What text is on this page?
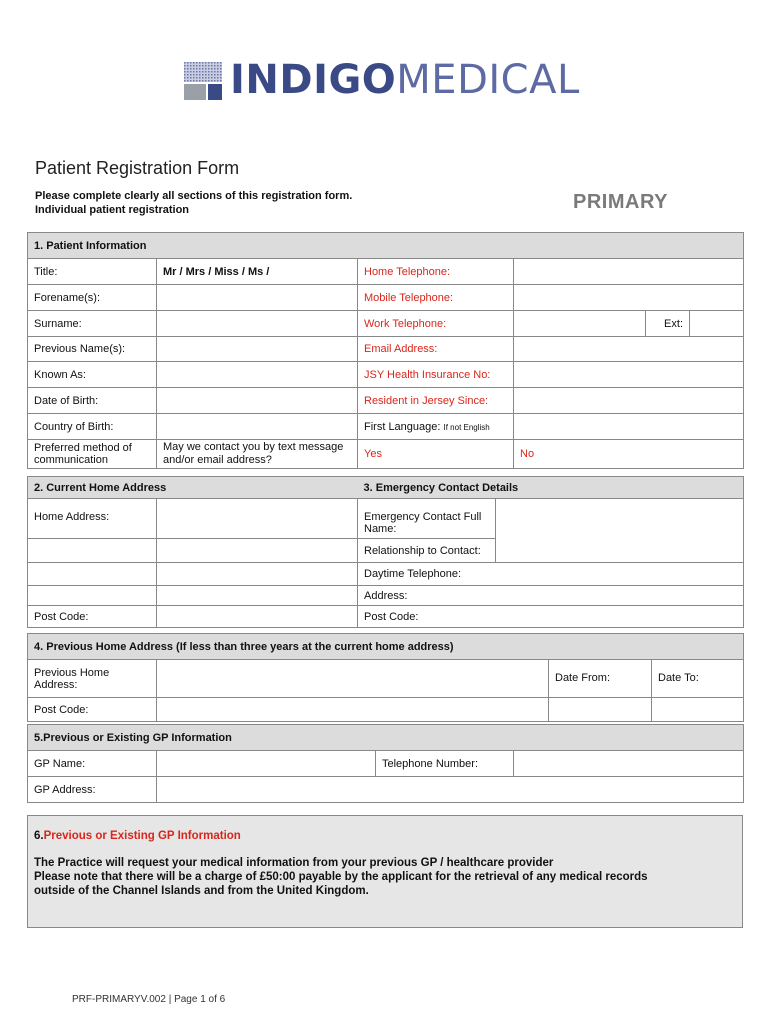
INDIGOMEDICAL
Patient Registration Form
Please complete clearly all sections of this registration form.
Individual patient registration	PRIMARY
1. Patient Information					
Title:	Mr / Mrs / Miss / Ms /	Home Telephone:			
Forename(s):		Mobile Telephone:			
Surname:		Work Telephone:		Ext:	
Previous Name(s):		Email Address:			
Known As:		JSY Health Insurance No:			
Date of Birth:		Resident in Jersey Since:			
Country of Birth:		First Language: If not English			
Preferred method of communication	May we contact you by text message and/or email address?	Yes	No		
2. Current Home Address		3. Emergency Contact Details	
Home Address:		Emergency Contact Full Name:	
		Relationship to Contact:	
		Daytime Telephone:	
		Address:	
Post Code:		Post Code:	
4. Previous Home Address (If less than three years at the current home address)			
Previous Home Address:		Date From:	Date To:
Post Code:			
5.Previous or Existing GP Information			
GP Name:		Telephone Number:	
GP Address:			
6.Previous or Existing GP Information
The Practice will request your medical information from your previous GP / healthcare provider
Please note that there will be a charge of £50:00 payable by the applicant for the retrieval of any medical records
outside of the Channel Islands and from the United Kingdom.
PRF-PRIMARYV.002 | Page 1 of 6
